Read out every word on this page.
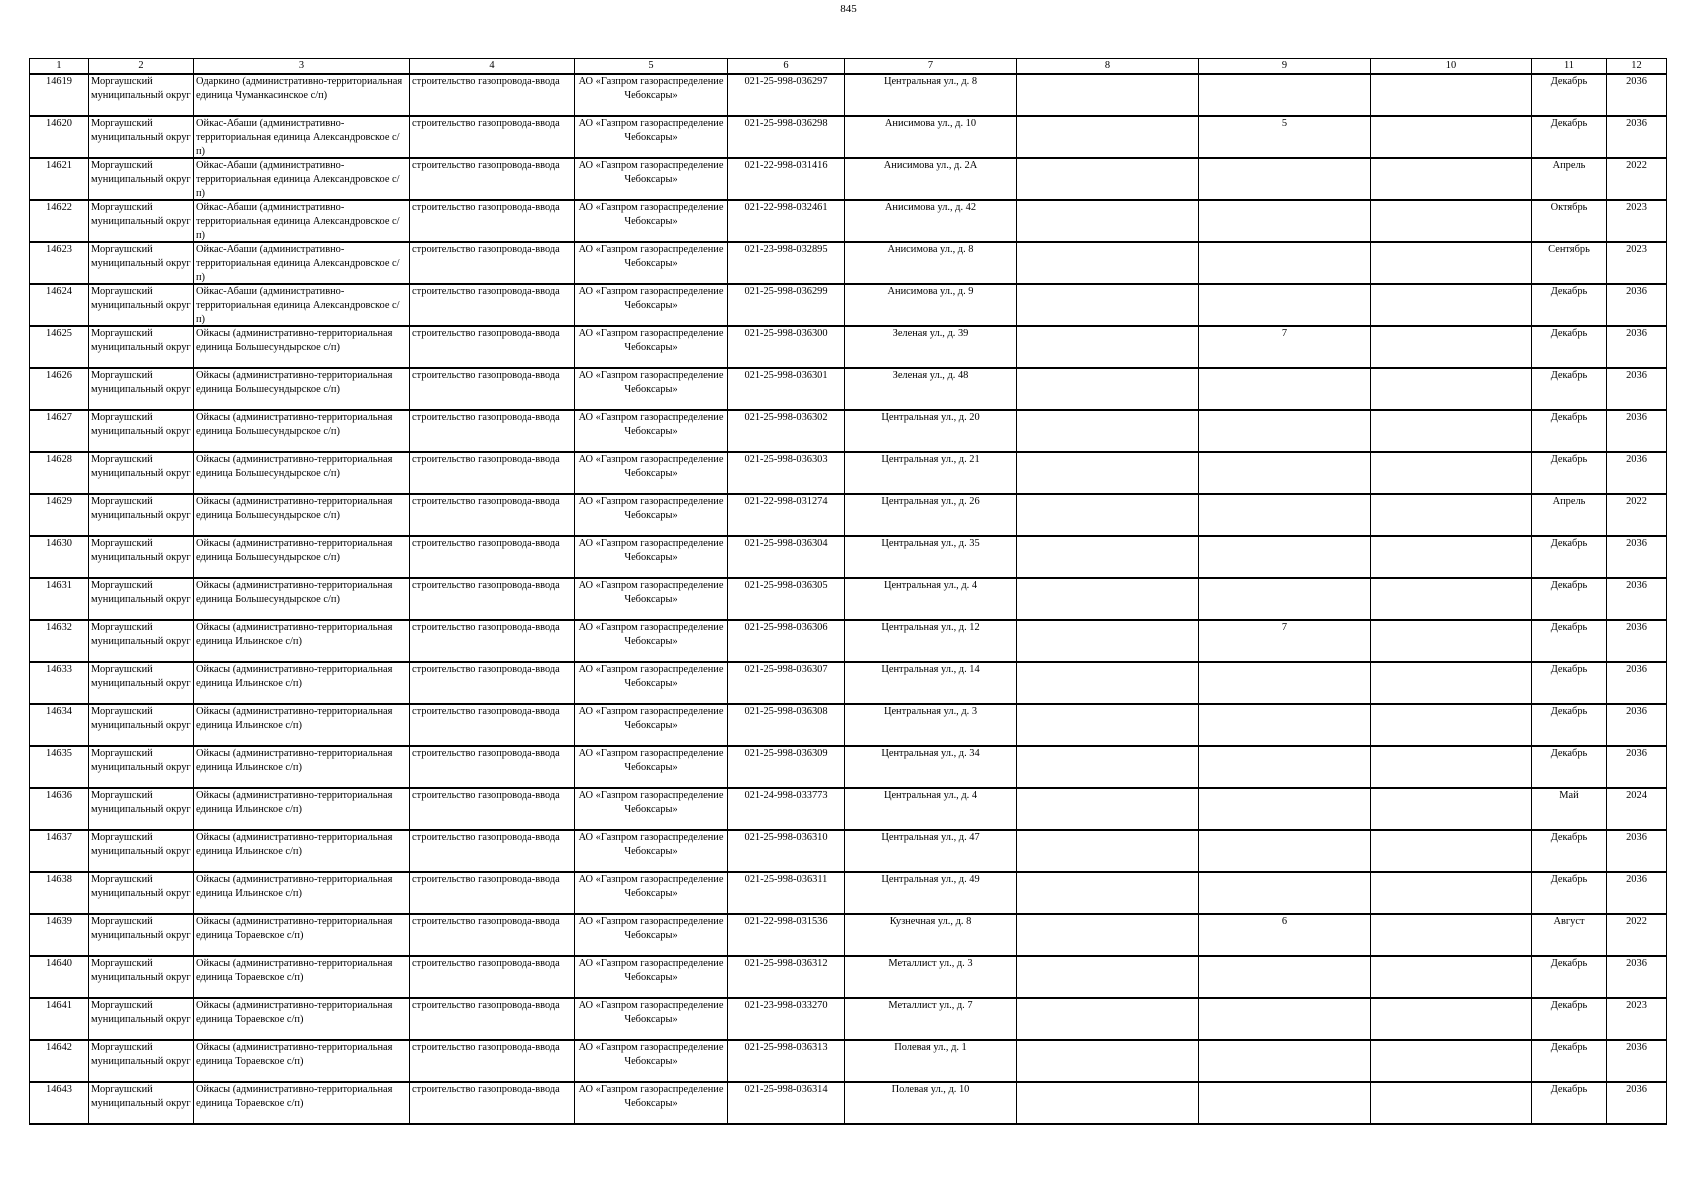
845
1	2	3	4	5	6	7	8	9	10	11	12

14619	Моргаушский муниципальный округ	Одаркино (административно-территориальная единица Чуманкасинское с/п)	строительство газопровода-ввода	АО «Газпром газораспределение Чебоксары»	021-25-998-036297	Центральная ул., д. 8				Декабрь	2036

14620	Моргаушский муниципальный округ	Ойкас-Абаши (административно-территориальная единица Александровское с/п)	строительство газопровода-ввода	АО «Газпром газораспределение Чебоксары»	021-25-998-036298	Анисимова ул., д. 10		5		Декабрь	2036

14621	Моргаушский муниципальный округ	Ойкас-Абаши (административно-территориальная единица Александровское с/п)	строительство газопровода-ввода	АО «Газпром газораспределение Чебоксары»	021-22-998-031416	Анисимова ул., д. 2А				Апрель	2022

14622	Моргаушский муниципальный округ	Ойкас-Абаши (административно-территориальная единица Александровское с/п)	строительство газопровода-ввода	АО «Газпром газораспределение Чебоксары»	021-22-998-032461	Анисимова ул., д. 42				Октябрь	2023

14623	Моргаушский муниципальный округ	Ойкас-Абаши (административно-территориальная единица Александровское с/п)	строительство газопровода-ввода	АО «Газпром газораспределение Чебоксары»	021-23-998-032895	Анисимова ул., д. 8				Сентябрь	2023

14624	Моргаушский муниципальный округ	Ойкас-Абаши (административно-территориальная единица Александровское с/п)	строительство газопровода-ввода	АО «Газпром газораспределение Чебоксары»	021-25-998-036299	Анисимова ул., д. 9				Декабрь	2036

14625	Моргаушский муниципальный округ	Ойкасы (административно-территориальная единица Большесундырское с/п)	строительство газопровода-ввода	АО «Газпром газораспределение Чебоксары»	021-25-998-036300	Зеленая ул., д. 39		7		Декабрь	2036

14626	Моргаушский муниципальный округ	Ойкасы (административно-территориальная единица Большесундырское с/п)	строительство газопровода-ввода	АО «Газпром газораспределение Чебоксары»	021-25-998-036301	Зеленая ул., д. 48				Декабрь	2036

14627	Моргаушский муниципальный округ	Ойкасы (административно-территориальная единица Большесундырское с/п)	строительство газопровода-ввода	АО «Газпром газораспределение Чебоксары»	021-25-998-036302	Центральная ул., д. 20				Декабрь	2036

14628	Моргаушский муниципальный округ	Ойкасы (административно-территориальная единица Большесундырское с/п)	строительство газопровода-ввода	АО «Газпром газораспределение Чебоксары»	021-25-998-036303	Центральная ул., д. 21				Декабрь	2036

14629	Моргаушский муниципальный округ	Ойкасы (административно-территориальная единица Большесундырское с/п)	строительство газопровода-ввода	АО «Газпром газораспределение Чебоксары»	021-22-998-031274	Центральная ул., д. 26				Апрель	2022

14630	Моргаушский муниципальный округ	Ойкасы (административно-территориальная единица Большесундырское с/п)	строительство газопровода-ввода	АО «Газпром газораспределение Чебоксары»	021-25-998-036304	Центральная ул., д. 35				Декабрь	2036

14631	Моргаушский муниципальный округ	Ойкасы (административно-территориальная единица Большесундырское с/п)	строительство газопровода-ввода	АО «Газпром газораспределение Чебоксары»	021-25-998-036305	Центральная ул., д. 4				Декабрь	2036

14632	Моргаушский муниципальный округ	Ойкасы (административно-территориальная единица Ильинское с/п)	строительство газопровода-ввода	АО «Газпром газораспределение Чебоксары»	021-25-998-036306	Центральная ул., д. 12		7		Декабрь	2036

14633	Моргаушский муниципальный округ	Ойкасы (административно-территориальная единица Ильинское с/п)	строительство газопровода-ввода	АО «Газпром газораспределение Чебоксары»	021-25-998-036307	Центральная ул., д. 14				Декабрь	2036

14634	Моргаушский муниципальный округ	Ойкасы (административно-территориальная единица Ильинское с/п)	строительство газопровода-ввода	АО «Газпром газораспределение Чебоксары»	021-25-998-036308	Центральная ул., д. 3				Декабрь	2036

14635	Моргаушский муниципальный округ	Ойкасы (административно-территориальная единица Ильинское с/п)	строительство газопровода-ввода	АО «Газпром газораспределение Чебоксары»	021-25-998-036309	Центральная ул., д. 34				Декабрь	2036

14636	Моргаушский муниципальный округ	Ойкасы (административно-территориальная единица Ильинское с/п)	строительство газопровода-ввода	АО «Газпром газораспределение Чебоксары»	021-24-998-033773	Центральная ул., д. 4				Май	2024

14637	Моргаушский муниципальный округ	Ойкасы (административно-территориальная единица Ильинское с/п)	строительство газопровода-ввода	АО «Газпром газораспределение Чебоксары»	021-25-998-036310	Центральная ул., д. 47				Декабрь	2036

14638	Моргаушский муниципальный округ	Ойкасы (административно-территориальная единица Ильинское с/п)	строительство газопровода-ввода	АО «Газпром газораспределение Чебоксары»	021-25-998-036311	Центральная ул., д. 49				Декабрь	2036

14639	Моргаушский муниципальный округ	Ойкасы (административно-территориальная единица Тораевское с/п)	строительство газопровода-ввода	АО «Газпром газораспределение Чебоксары»	021-22-998-031536	Кузнечная ул., д. 8		6		Август	2022

14640	Моргаушский муниципальный округ	Ойкасы (административно-территориальная единица Тораевское с/п)	строительство газопровода-ввода	АО «Газпром газораспределение Чебоксары»	021-25-998-036312	Металлист ул., д. 3				Декабрь	2036

14641	Моргаушский муниципальный округ	Ойкасы (административно-территориальная единица Тораевское с/п)	строительство газопровода-ввода	АО «Газпром газораспределение Чебоксары»	021-23-998-033270	Металлист ул., д. 7				Декабрь	2023

14642	Моргаушский муниципальный округ	Ойкасы (административно-территориальная единица Тораевское с/п)	строительство газопровода-ввода	АО «Газпром газораспределение Чебоксары»	021-25-998-036313	Полевая ул., д. 1				Декабрь	2036

14643	Моргаушский муниципальный округ	Ойкасы (административно-территориальная единица Тораевское с/п)	строительство газопровода-ввода	АО «Газпром газораспределение Чебоксары»	021-25-998-036314	Полевая ул., д. 10				Декабрь	2036
